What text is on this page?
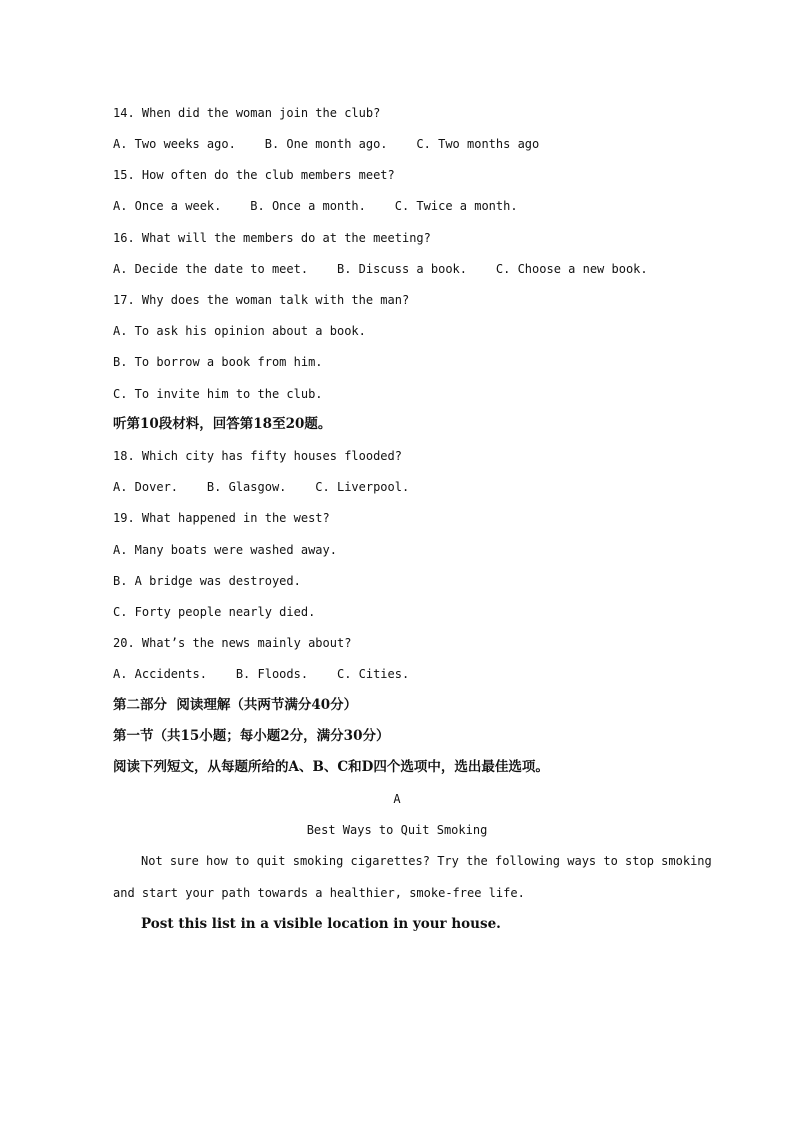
14. When did the woman join the club?
A. Two weeks ago.    B. One month ago.    C. Two months ago
15. How often do the club members meet?
A. Once a week.    B. Once a month.    C. Twice a month.
16. What will the members do at the meeting?
A. Decide the date to meet.    B. Discuss a book.    C. Choose a new book.
17. Why does the woman talk with the man?
A. To ask his opinion about a book.
B. To borrow a book from him.
C. To invite him to the club.
听第10段材料，回答第18至20题。
18. Which city has fifty houses flooded?
A. Dover.    B. Glasgow.    C. Liverpool.
19. What happened in the west?
A. Many boats were washed away.
B. A bridge was destroyed.
C. Forty people nearly died.
20. What’s the news mainly about?
A. Accidents.    B. Floods.    C. Cities.
第二部分  阅读理解（共两节满分40分）
第一节（共15小题；每小题2分，满分30分）
阅读下列短文，从每题所给的A、B、C和D四个选项中，选出最佳选项。
A
Best Ways to Quit Smoking
Not sure how to quit smoking cigarettes? Try the following ways to stop smoking
and start your path towards a healthier, smoke-free life.
Post this list in a visible location in your house.
